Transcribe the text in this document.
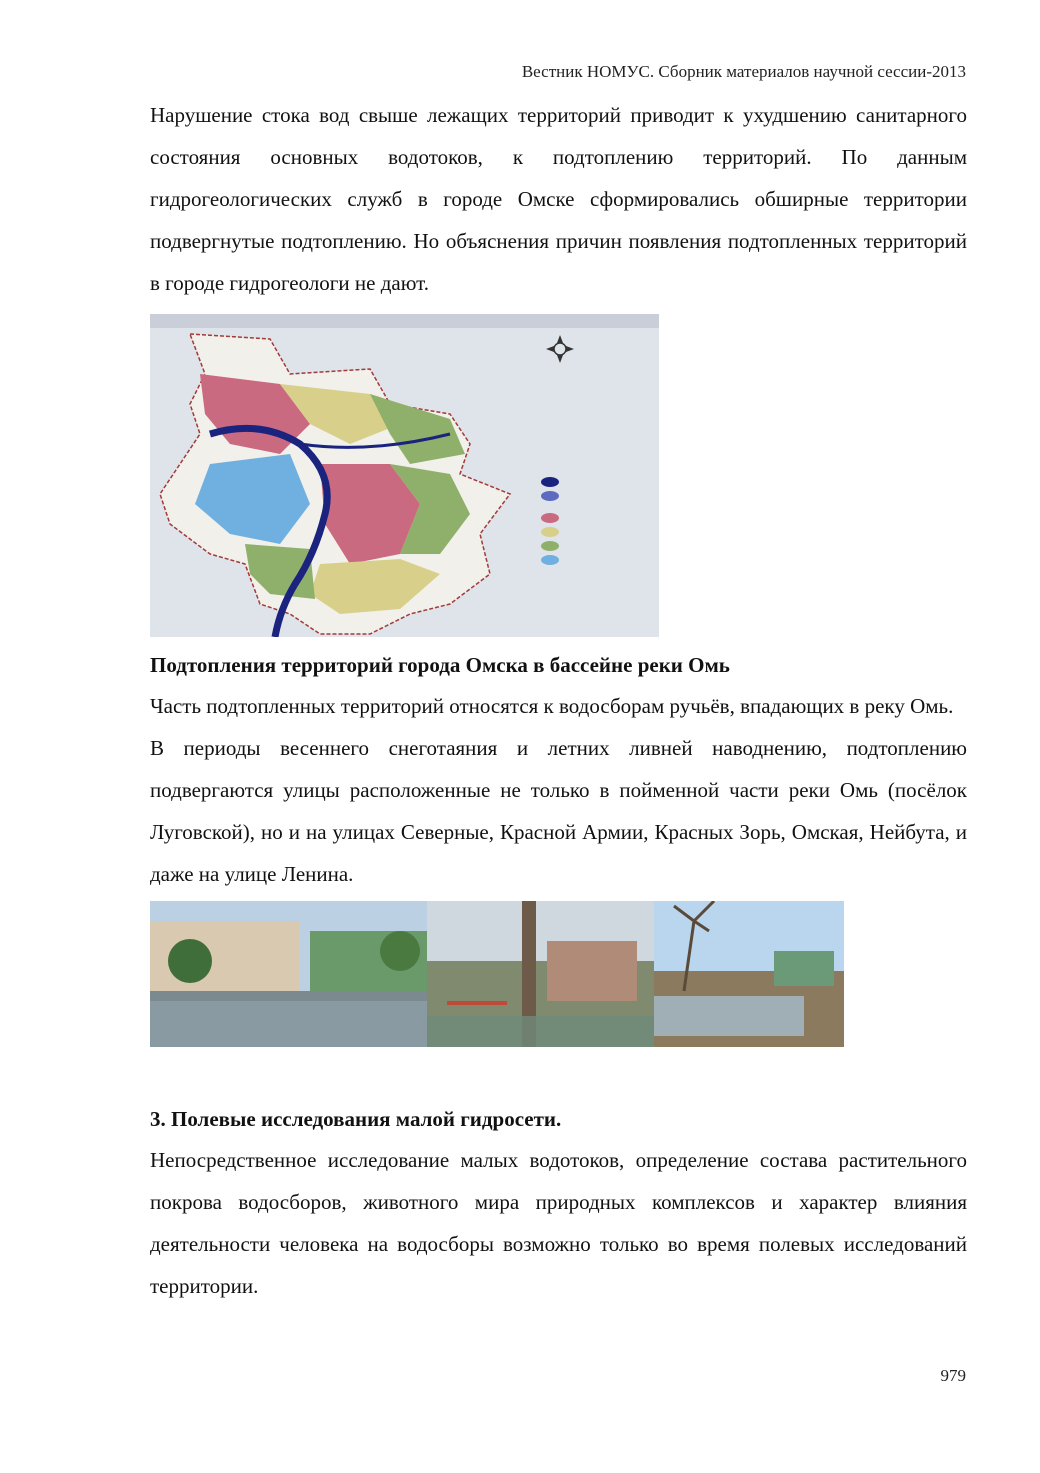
Вестник НОМУС. Сборник материалов научной сессии-2013

Нарушение стока вод свыше лежащих территорий приводит к ухудшению санитарного состояния основных водотоков, к подтоплению территорий. По данным гидрогеологических служб в городе Омске сформировались обширные территории подвергнутые подтоплению. Но объяснения причин появления подтопленных территорий в городе гидрогеологи не дают.

Подтопления территорий города Омска в бассейне реки Омь

Часть подтопленных территорий относятся к водосборам ручьёв, впадающих в реку Омь.

В периоды весеннего снеготаяния и летних ливней наводнению, подтоплению подвергаются улицы расположенные не только в пойменной части реки Омь (посёлок Луговской), но и на улицах Северные, Красной Армии, Красных Зорь, Омская, Нейбута, и даже на улице Ленина.

3. Полевые исследования малой гидросети.

Непосредственное исследование малых водотоков, определение состава растительного покрова водосборов, животного мира природных комплексов и характер влияния деятельности человека на водосборы возможно только во время полевых исследований территории.

979
